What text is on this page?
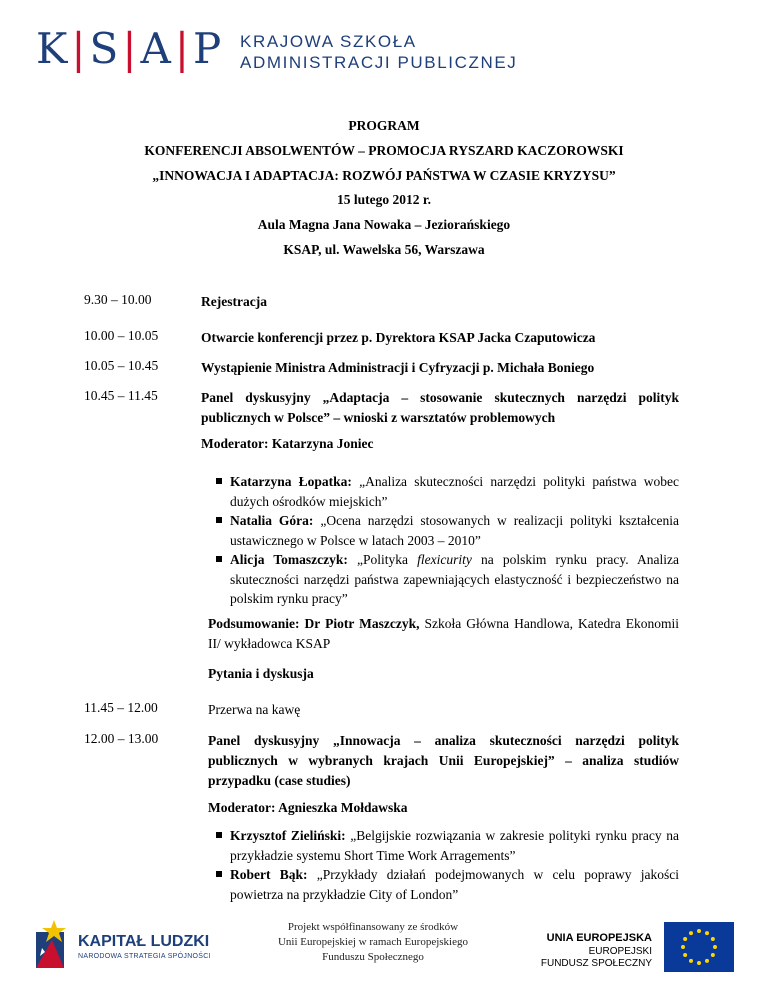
K|S|A|P KRAJOWA SZKOŁA
ADMINISTRACJI PUBLICZNEJ
PROGRAM
KONFERENCJI ABSOLWENTÓW – PROMOCJA RYSZARD KACZOROWSKI
„INNOWACJA I ADAPTACJA: ROZWÓJ PAŃSTWA W CZASIE KRYZYSU”
15 lutego 2012 r.
Aula Magna Jana Nowaka – Jeziorańskiego
KSAP, ul. Wawelska 56, Warszawa
9.30 – 10.00	Rejestracja
10.00 – 10.05	Otwarcie konferencji przez p. Dyrektora KSAP Jacka Czaputowicza
10.05 – 10.45	Wystąpienie Ministra Administracji i Cyfryzacji p. Michała Boniego
10.45 – 11.45	Panel dyskusyjny „Adaptacja – stosowanie skutecznych narzędzi polityk publicznych w Polsce” – wnioski z warsztatów problemowych
Moderator: Katarzyna Joniec
Katarzyna Łopatka: „Analiza skuteczności narzędzi polityki państwa wobec dużych ośrodków miejskich”
Natalia Góra: „Ocena narzędzi stosowanych w realizacji polityki kształcenia ustawicznego w Polsce w latach 2003 – 2010”
Alicja Tomaszczyk: „Polityka flexicurity na polskim rynku pracy. Analiza skuteczności narzędzi państwa zapewniających elastyczność i bezpieczeństwo na polskim rynku pracy”
Podsumowanie: Dr Piotr Maszczyk, Szkoła Główna Handlowa, Katedra Ekonomii II/ wykładowca KSAP
Pytania i dyskusja
11.45 – 12.00	Przerwa na kawę
12.00 – 13.00	Panel dyskusyjny „Innowacja – analiza skuteczności narzędzi polityk publicznych w wybranych krajach Unii Europejskiej” – analiza studiów przypadku (case studies)
Moderator: Agnieszka Mołdawska
Krzysztof Zieliński: „Belgijskie rozwiązania w zakresie polityki rynku pracy na przykładzie systemu Short Time Work Arragements”
Robert Bąk: „Przykłady działań podejmowanych w celu poprawy jakości powietrza na przykładzie City of London”
KAPITAŁ LUDZKI
NARODOWA STRATEGIA SPÓJNOŚCI
Projekt współfinansowany ze środków
Unii Europejskiej w ramach Europejskiego
Funduszu Społecznego
UNIA EUROPEJSKA
EUROPEJSKI
FUNDUSZ SPOŁECZNY
